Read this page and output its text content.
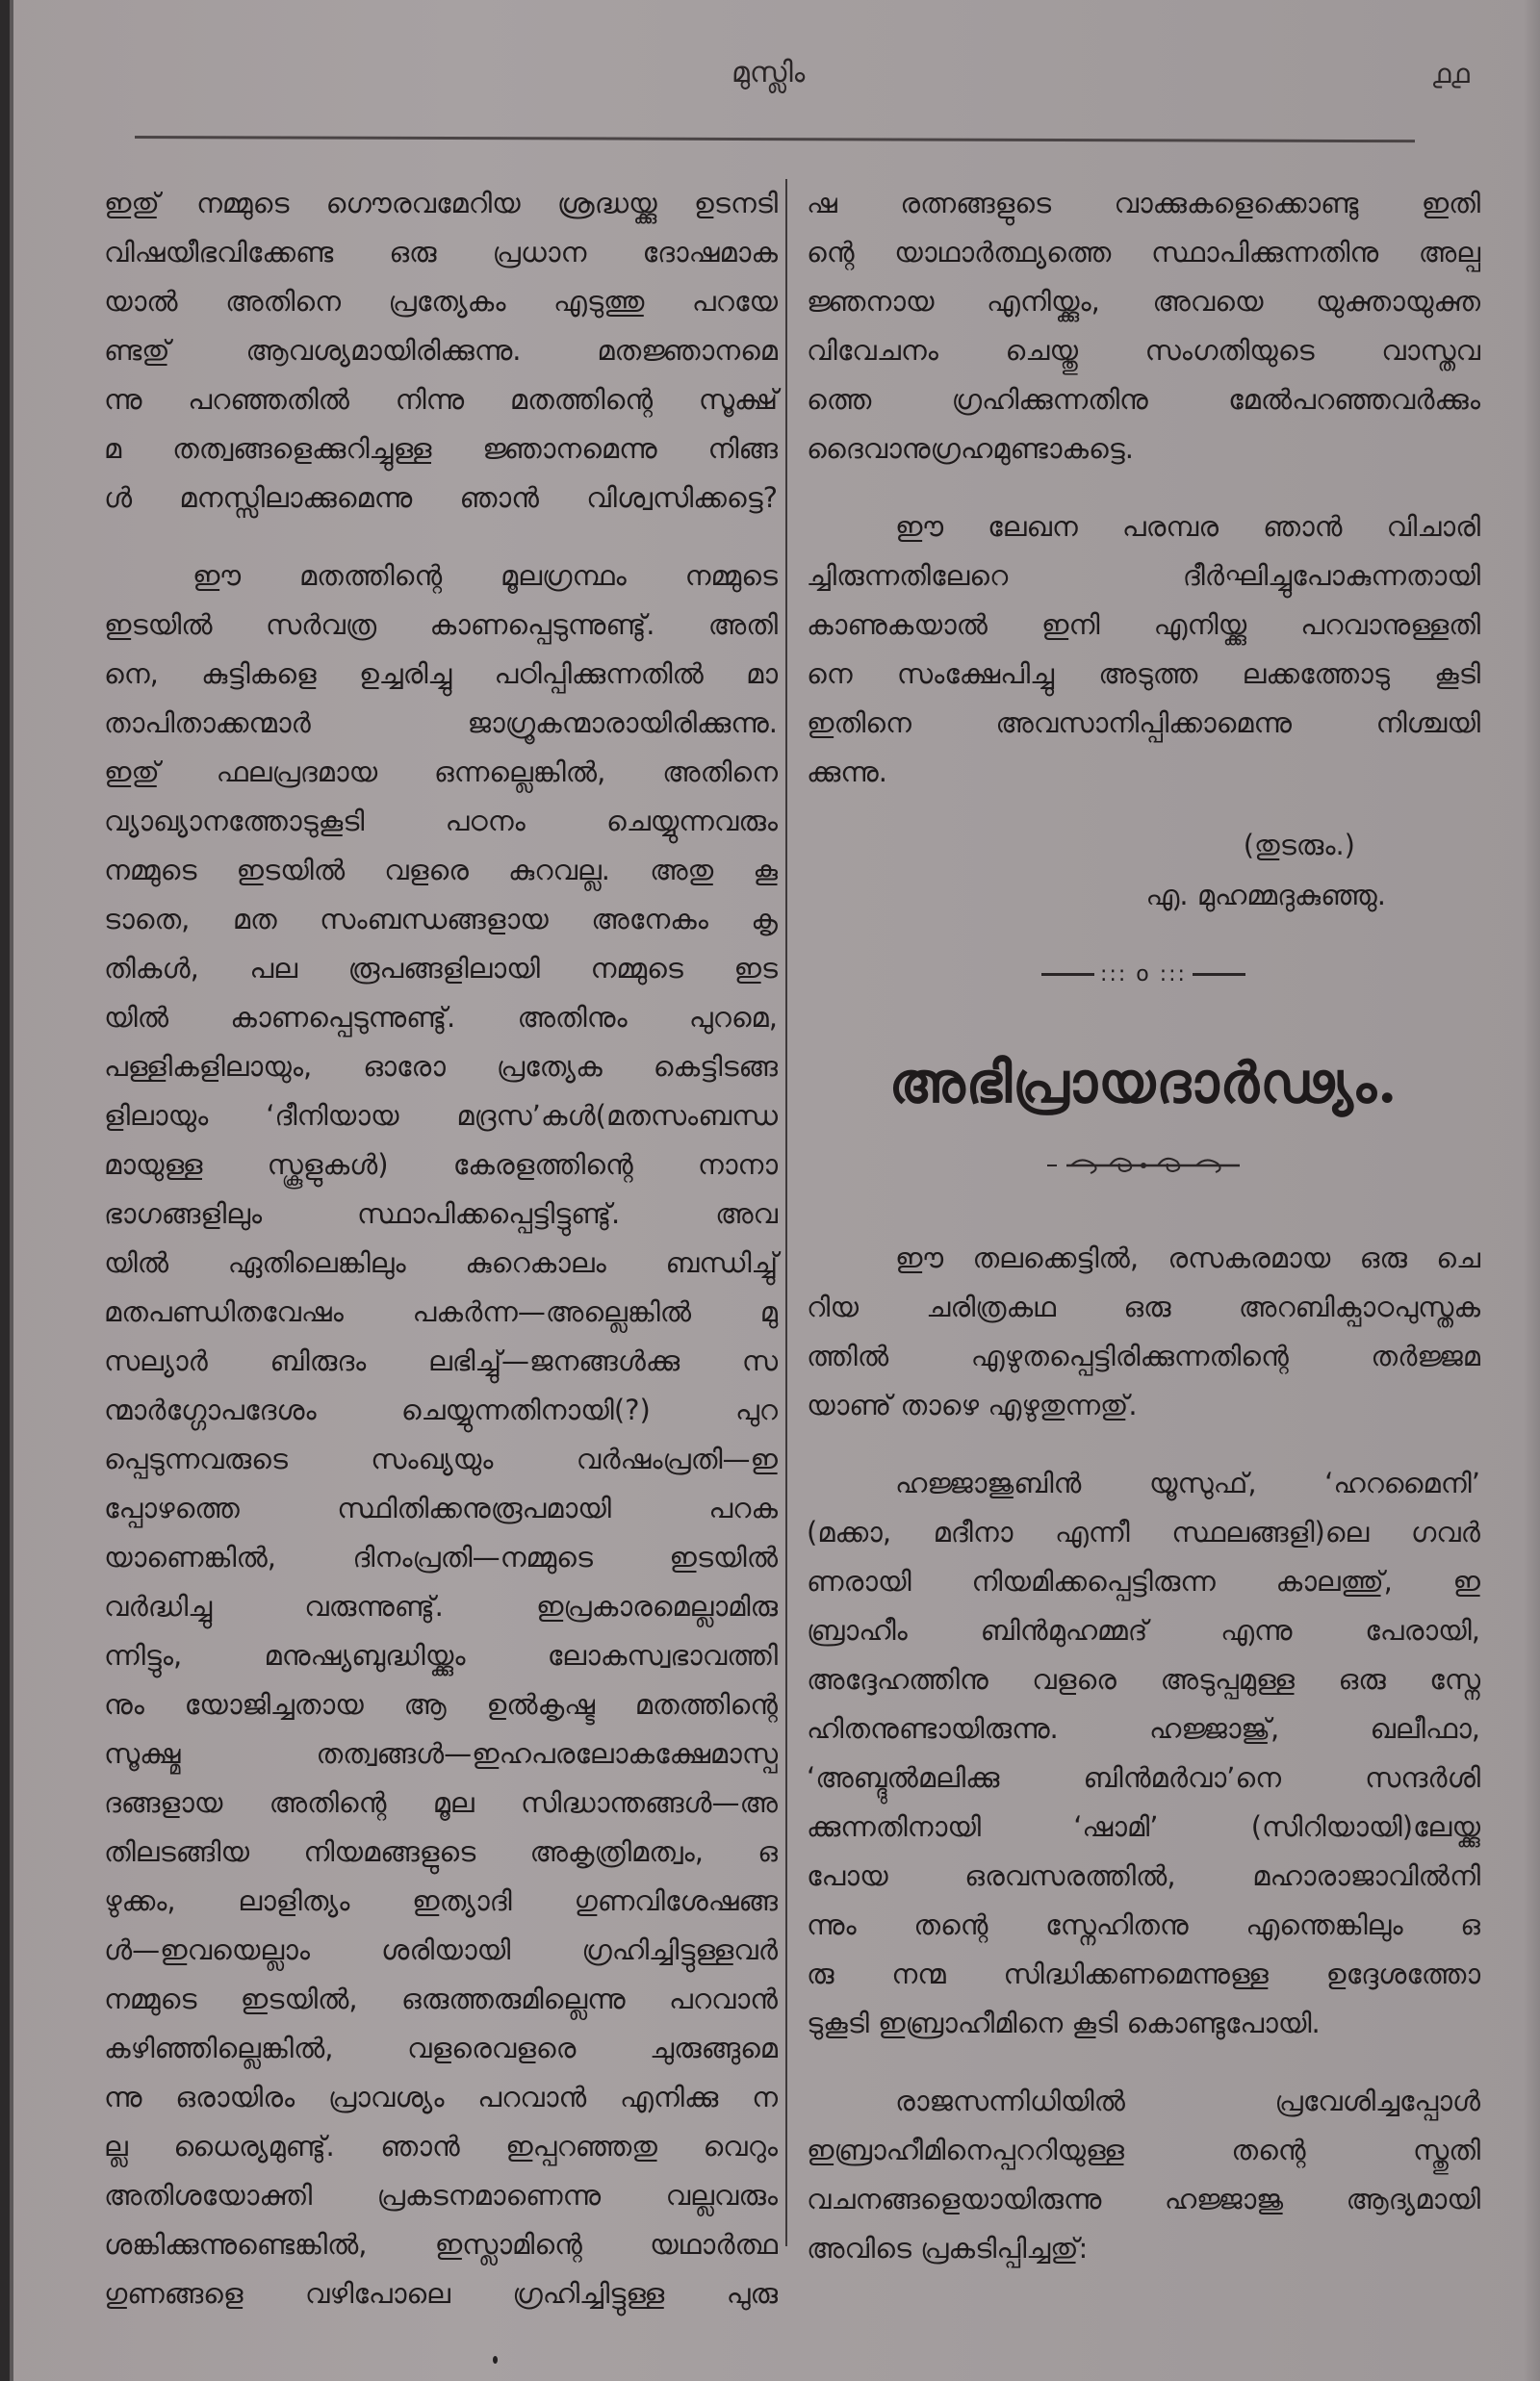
മുസ്ലിം	൧൧
ഇതു് നമ്മുടെ ഗൌരവമേറിയ ശ്രദ്ധയ്ക്കു ഉടനടി
വിഷയീഭവിക്കേണ്ട ഒരു പ്രധാന ദോഷമാക
യാൽ അതിനെ പ്രത്യേകം എടുത്തു പറയേ
ണ്ടതു് ആവശ്യമായിരിക്കുന്നു. മതജ്ഞാനമെ
ന്നു പറഞ്ഞതിൽ നിന്നു മതത്തിന്റെ സൂക്ഷ്
മ തത്വങ്ങളെക്കുറിച്ചുള്ള ജ്ഞാനമെന്നു നിങ്ങ
ൾ മനസ്സിലാക്കുമെന്നു ഞാൻ വിശ്വസിക്കട്ടെ?
ഈ മതത്തിന്റെ മൂലഗ്രന്ഥം നമ്മുടെ
ഇടയിൽ സർവത്ര കാണപ്പെടുന്നുണ്ടു്. അതി
നെ, കുട്ടികളെ ഉച്ചരിച്ചു പഠിപ്പിക്കുന്നതിൽ മാ
താപിതാക്കന്മാർ ജാഗ്രൂകന്മാരായിരിക്കുന്നു.
ഇതു് ഫലപ്രദമായ ഒന്നല്ലെങ്കിൽ, അതിനെ
വ്യാഖ്യാനത്തോടുകൂടി പഠനം ചെയ്യുന്നവരും
നമ്മുടെ ഇടയിൽ വളരെ കുറവല്ല. അതു കൂ
ടാതെ, മത സംബന്ധങ്ങളായ അനേകം കൃ
തികൾ, പല രൂപങ്ങളിലായി നമ്മുടെ ഇട
യിൽ കാണപ്പെടുന്നുണ്ടു്. അതിനും പുറമെ,
പള്ളികളിലായും, ഓരോ പ്രത്യേക കെട്ടിടങ്ങ
ളിലായും ‘ദീനിയായ മദ്രസ’കൾ(മതസംബന്ധ
മായുള്ള സ്കൂളുകൾ) കേരളത്തിന്റെ നാനാ
ഭാഗങ്ങളിലും സ്ഥാപിക്കപ്പെട്ടിട്ടുണ്ടു്. അവ
യിൽ ഏതിലെങ്കിലും കുറെകാലം ബന്ധിച്ചു്
മതപണ്ഡിതവേഷം പകർന്ന—അല്ലെങ്കിൽ മു
സല്യാർ ബിരുദം ലഭിച്ചു്—ജനങ്ങൾക്കു സ
ന്മാർഗ്ഗോപദേശം ചെയ്യുന്നതിനായി(?) പുറ
പ്പെടുന്നവരുടെ സംഖ്യയും വർഷംപ്രതി—ഇ
പ്പോഴത്തെ സ്ഥിതിക്കനുരൂപമായി പറക
യാണെങ്കിൽ, ദിനംപ്രതി—നമ്മുടെ ഇടയിൽ
വർദ്ധിച്ചു വരുന്നുണ്ടു്. ഇപ്രകാരമെല്ലാമിരു
ന്നിട്ടും, മനുഷ്യബുദ്ധിയ്ക്കും ലോകസ്വഭാവത്തി
നും യോജിച്ചതായ ആ ഉൽകൃഷ്ട മതത്തിന്റെ
സൂക്ഷ്മ തത്വങ്ങൾ—ഇഹപരലോകക്ഷേമാസ്പ
ദങ്ങളായ അതിന്റെ മൂല സിദ്ധാന്തങ്ങൾ—അ
തിലടങ്ങിയ നിയമങ്ങളുടെ അകൃത്രിമത്വം, ഒ
ഴുക്കം, ലാളിത്യം ഇത്യാദി ഗുണവിശേഷങ്ങ
ൾ—ഇവയെല്ലാം ശരിയായി ഗ്രഹിച്ചിട്ടുള്ളവർ
നമ്മുടെ ഇടയിൽ, ഒരുത്തരുമില്ലെന്നു പറവാൻ
കഴിഞ്ഞില്ലെങ്കിൽ, വളരെവളരെ ചുരുങ്ങുമെ
ന്നു ഒരായിരം പ്രാവശ്യം പറവാൻ എനിക്കു ന
ല്ല ധൈര്യമുണ്ടു്. ഞാൻ ഇപ്പറഞ്ഞതു വെറും
അതിശയോക്തി പ്രകടനമാണെന്നു വല്ലവരും
ശങ്കിക്കുന്നുണ്ടെങ്കിൽ, ഇസ്ലാമിന്റെ യഥാർത്ഥ
ഗുണങ്ങളെ വഴിപോലെ ഗ്രഹിച്ചിട്ടുള്ള പുരു
ഷ രത്നങ്ങളുടെ വാക്കുകളെക്കൊണ്ടു ഇതി
ന്റെ യാഥാർത്ഥ്യത്തെ സ്ഥാപിക്കുന്നതിനു അല്പ
ജ്ഞനായ എനിയ്ക്കും, അവയെ യുക്തായുക്ത
വിവേചനം ചെയ്തു സംഗതിയുടെ വാസ്തവ
ത്തെ ഗ്രഹിക്കുന്നതിനു മേൽപറഞ്ഞവർക്കും
ദൈവാനുഗ്രഹമുണ്ടാകട്ടെ.
ഈ ലേഖന പരമ്പര ഞാൻ വിചാരി
ച്ചിരുന്നതിലേറെ ദീർഘിച്ചുപോകുന്നതായി
കാണുകയാൽ ഇനി എനിയ്ക്കു പറവാനുള്ളതി
നെ സംക്ഷേപിച്ചു അടുത്ത ലക്കത്തോടു കൂടി
ഇതിനെ അവസാനിപ്പിക്കാമെന്നു നിശ്ചയി
ക്കുന്നു.
(തുടരും.)
എ. മുഹമ്മദുകുഞ്ഞു.
::: o :::
അഭിപ്രായദാർഢ്യം.
ഈ തലക്കെട്ടിൽ, രസകരമായ ഒരു ചെ
റിയ ചരിത്രകഥ ഒരു അറബിക്പാഠപുസ്തക
ത്തിൽ എഴുതപ്പെട്ടിരിക്കുന്നതിന്റെ തർജ്ജമ
യാണു് താഴെ എഴുതുന്നതു്.
ഹജ്ജാജുബിൻ യൂസുഫ്, ‘ഹറമൈനി’
(മക്കാ, മദീനാ എന്നീ സ്ഥലങ്ങളി)ലെ ഗവർ
ണരായി നിയമിക്കപ്പെട്ടിരുന്ന കാലത്തു്, ഇ
ബ്രാഹീം ബിൻമുഹമ്മദ് എന്നു പേരായി,
അദ്ദേഹത്തിനു വളരെ അടുപ്പമുള്ള ഒരു സ്നേ
ഹിതനുണ്ടായിരുന്നു. ഹജ്ജാജു്, ഖലീഫാ,
‘അബ്ദുൽമലിക്കു ബിൻമർവാ’നെ സന്ദർശി
ക്കുന്നതിനായി ‘ഷാമി’ (സിറിയായി)ലേയ്ക്കു
പോയ ഒരവസരത്തിൽ, മഹാരാജാവിൽനി
ന്നും തന്റെ സ്നേഹിതനു എന്തെങ്കിലും ഒ
രു നന്മ സിദ്ധിക്കണമെന്നുള്ള ഉദ്ദേശത്തോ
ടുകൂടി ഇബ്രാഹീമിനെ കൂടി കൊണ്ടുപോയി.
രാജസന്നിധിയിൽ പ്രവേശിച്ചപ്പോൾ
ഇബ്രാഹീമിനെപ്പററിയുള്ള തന്റെ സ്തുതി
വചനങ്ങളെയായിരുന്നു ഹജ്ജാജു ആദ്യമായി
അവിടെ പ്രകടിപ്പിച്ചതു്:
